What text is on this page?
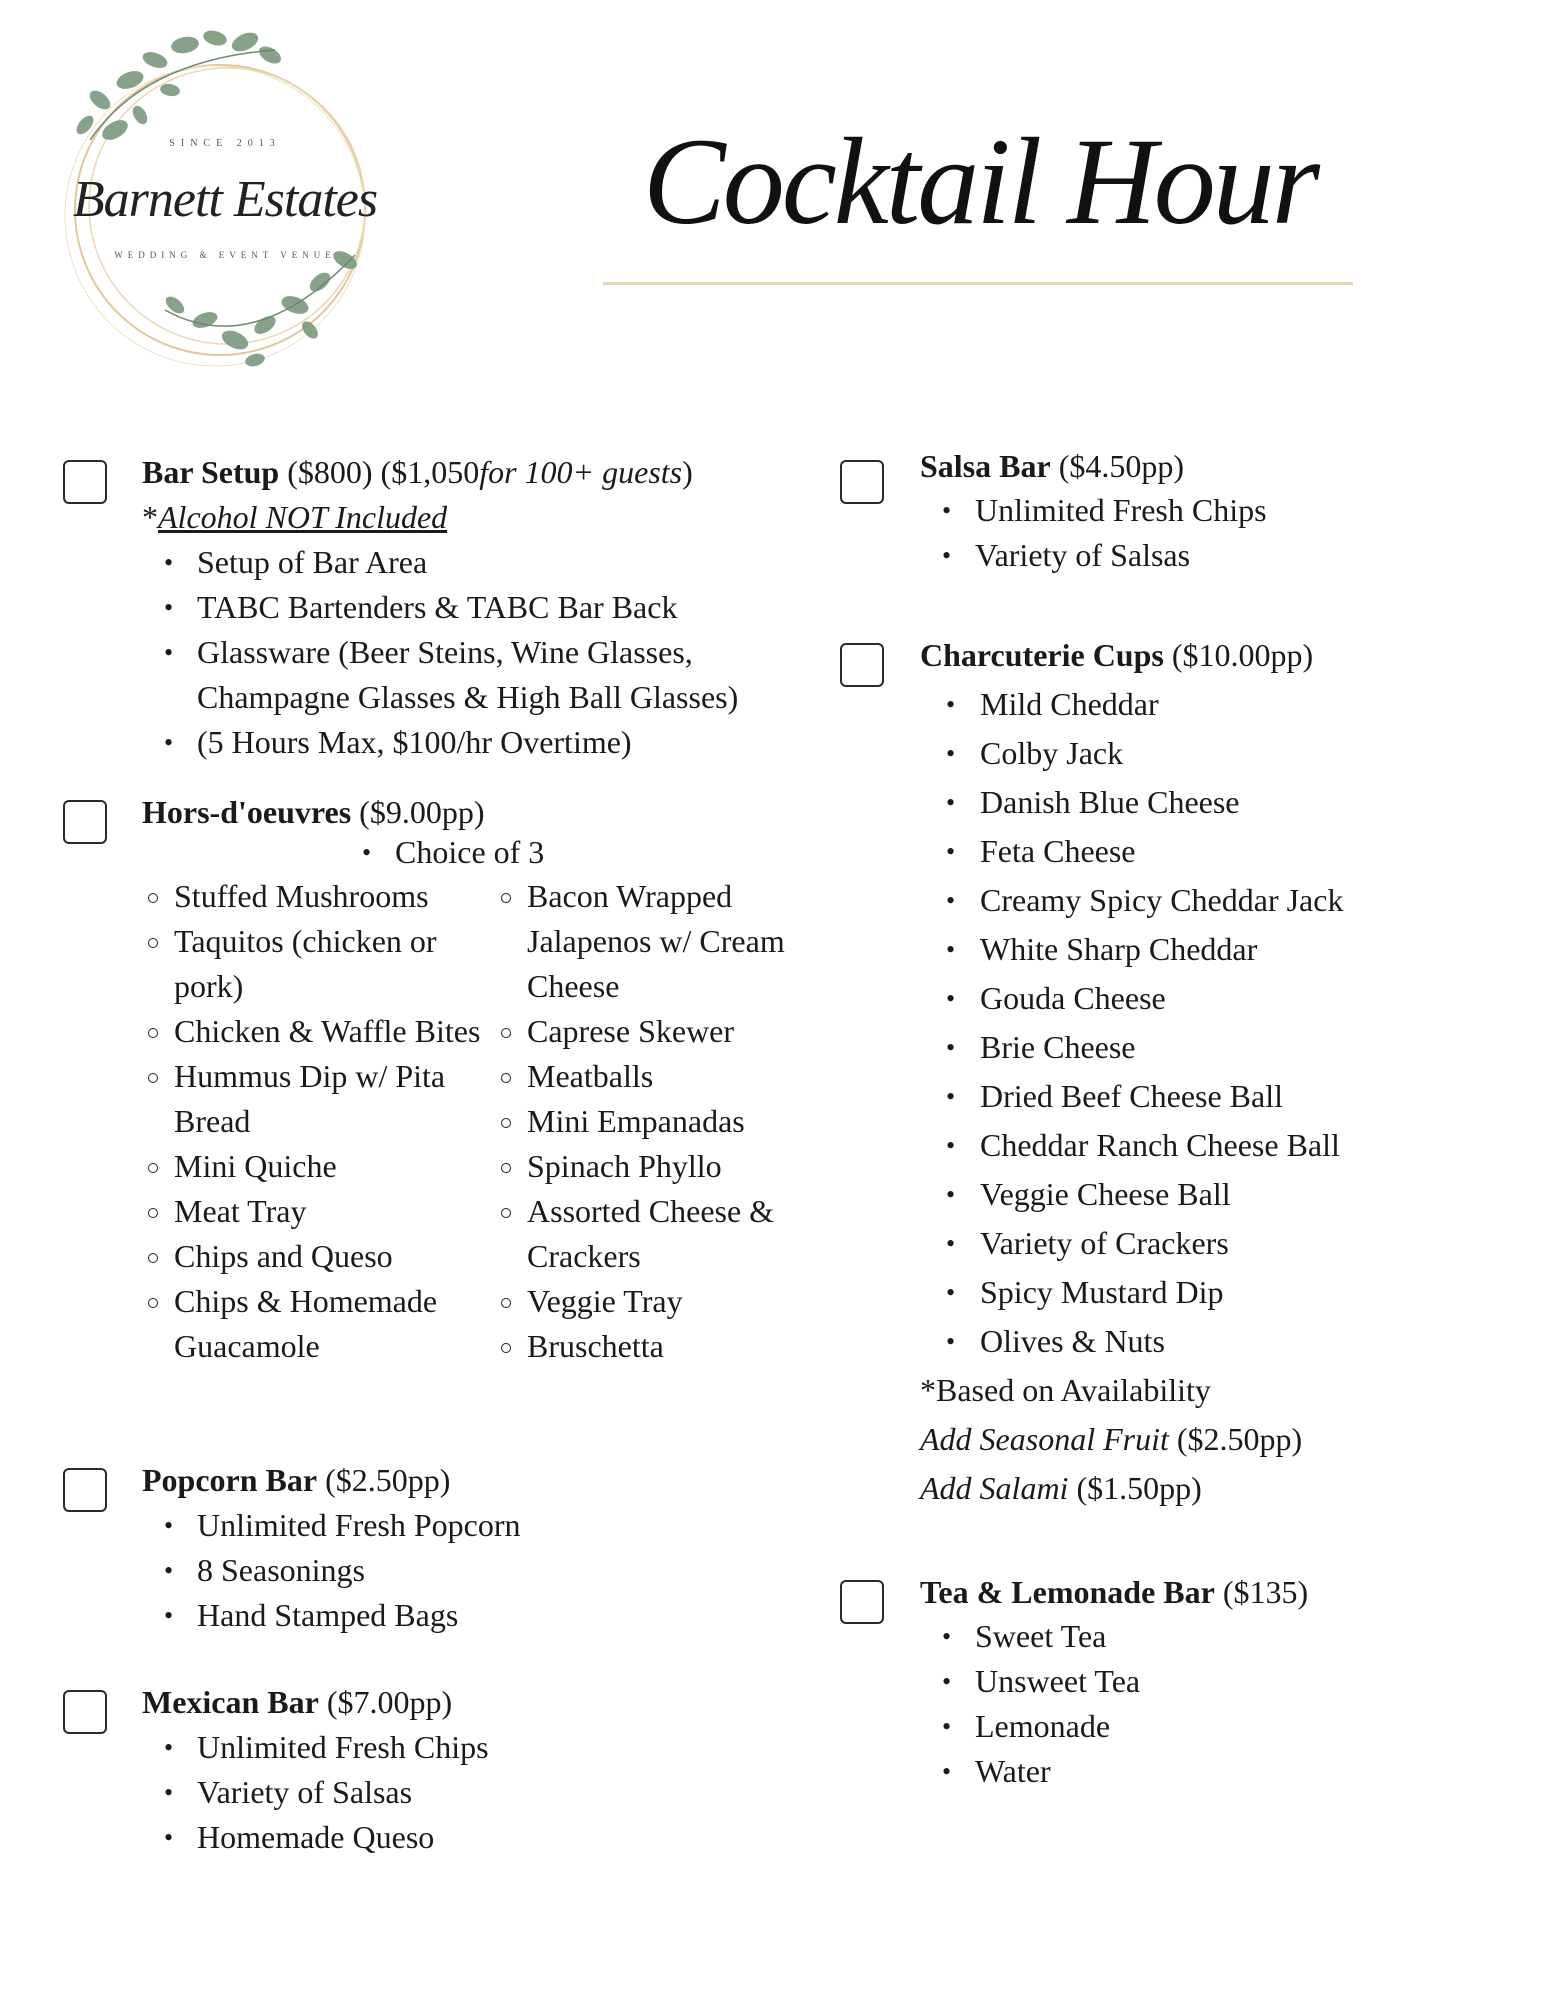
SINCE 2013
Barnett Estates
WEDDING & EVENT VENUE
Cocktail Hour
Bar Setup ($800) ($1,050for 100+ guests)
*Alcohol NOT Included
• Setup of Bar Area
• TABC Bartenders & TABC Bar Back
• Glassware (Beer Steins, Wine Glasses,
Champagne Glasses & High Ball Glasses)
• (5 Hours Max, $100/hr Overtime)
Hors-d'oeuvres ($9.00pp)
• Choice of 3
Stuffed Mushrooms
Taquitos (chicken or pork)
Chicken & Waffle Bites
Hummus Dip w/ Pita Bread
Mini Quiche
Meat Tray
Chips and Queso
Chips & Homemade Guacamole
Bacon Wrapped Jalapenos w/ Cream Cheese
Caprese Skewer
Meatballs
Mini Empanadas
Spinach Phyllo
Assorted Cheese & Crackers
Veggie Tray
Bruschetta
Popcorn Bar ($2.50pp)
• Unlimited Fresh Popcorn
• 8 Seasonings
• Hand Stamped Bags
Mexican Bar ($7.00pp)
• Unlimited Fresh Chips
• Variety of Salsas
• Homemade Queso
Salsa Bar ($4.50pp)
• Unlimited Fresh Chips
• Variety of Salsas
Charcuterie Cups ($10.00pp)
• Mild Cheddar
• Colby Jack
• Danish Blue Cheese
• Feta Cheese
• Creamy Spicy Cheddar Jack
• White Sharp Cheddar
• Gouda Cheese
• Brie Cheese
• Dried Beef Cheese Ball
• Cheddar Ranch Cheese Ball
• Veggie Cheese Ball
• Variety of Crackers
• Spicy Mustard Dip
• Olives & Nuts
*Based on Availability
Add Seasonal Fruit ($2.50pp)
Add Salami ($1.50pp)
Tea & Lemonade Bar ($135)
• Sweet Tea
• Unsweet Tea
• Lemonade
• Water
